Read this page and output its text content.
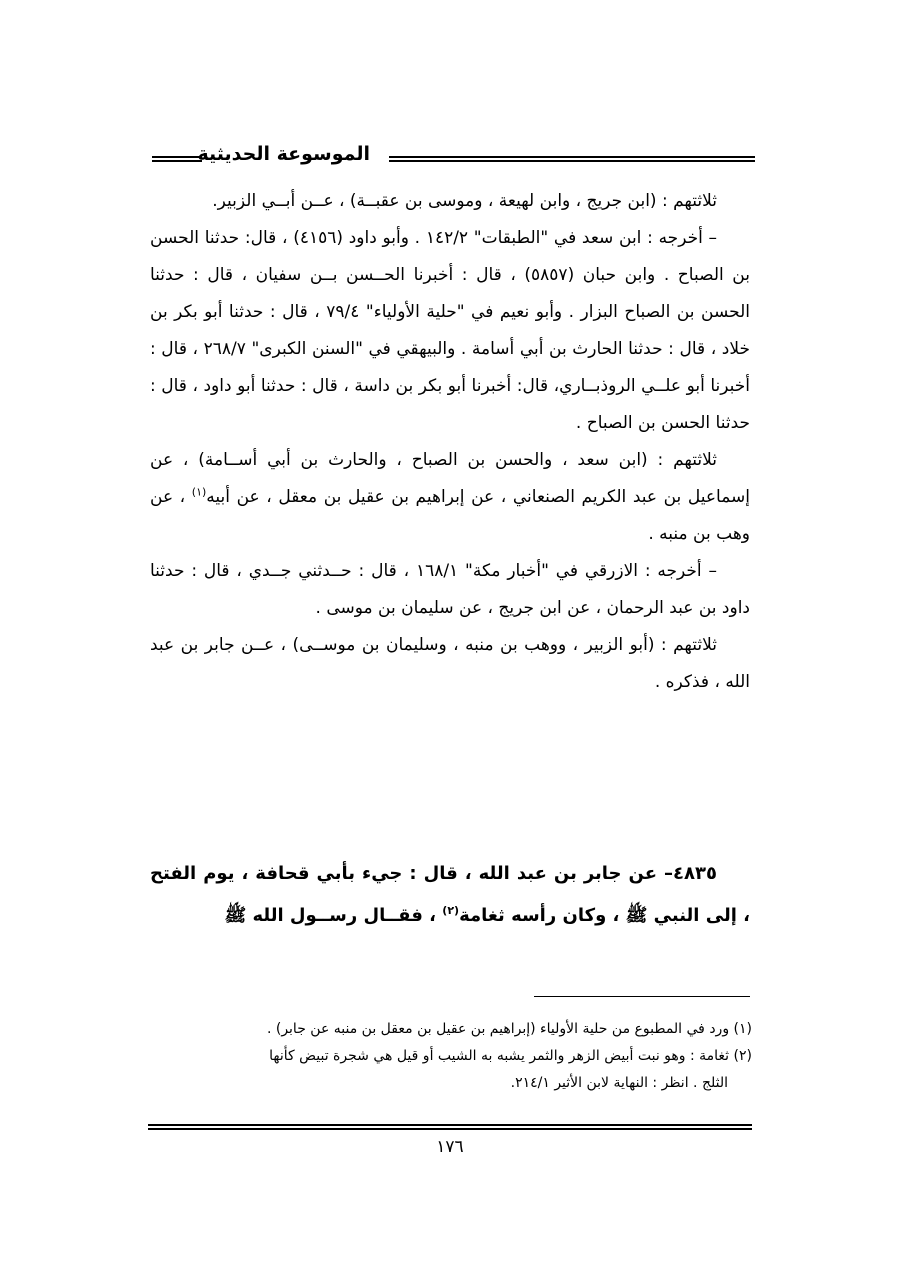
الموسوعة الحديثية

ثلاثتهم : (ابن جريج ، وابن لهيعة ، وموسى بن عقبــة) ، عــن أبــي الزبير.

– أخرجه : ابن سعد في "الطبقات" ١٤٢/٢ . وأبو داود (٤١٥٦) ، قال: حدثنا الحسن بن الصباح . وابن حبان (٥٨٥٧) ، قال : أخبرنا الحــسن بــن سفيان ، قال : حدثنا الحسن بن الصباح البزار . وأبو نعيم في "حلية الأولياء" ٧٩/٤ ، قال : حدثنا أبو بكر بن خلاد ، قال : حدثنا الحارث بن أبي أسامة . والبيهقي في "السنن الكبرى" ٢٦٨/٧ ، قال : أخبرنا أبو علــي الروذبــاري، قال: أخبرنا أبو بكر بن داسة ، قال : حدثنا أبو داود ، قال : حدثنا الحسن بن الصباح .

ثلاثتهم : (ابن سعد ، والحسن بن الصباح ، والحارث بن أبي أســامة) ، عن إسماعيل بن عبد الكريم الصنعاني ، عن إبراهيم بن عقيل بن معقل ، عن أبيه$^{(١)}$ ، عن وهب بن منبه .

– أخرجه : الازرقي في "أخبار مكة" ١٦٨/١ ، قال : حــدثني جــدي ، قال : حدثنا داود بن عبد الرحمان ، عن ابن جريج ، عن سليمان بن موسى .

ثلاثتهم : (أبو الزبير ، ووهب بن منبه ، وسليمان بن موســى) ، عــن جابر بن عبد الله ، فذكره .

٤٨٣٥– عن جابر بن عبد الله ، قال : جيء بأبي قحافة ، يوم الفتح ، إلى النبي ﷺ ، وكان رأسه ثغامة$^{(٢)}$ ، فقــال رســول الله ﷺ

(١) ورد في المطبوع من حلية الأولياء (إبراهيم بن عقيل بن معقل بن منبه عن جابر) .

(٢) ثغامة : وهو نبت أبيض الزهر والثمر يشبه به الشيب أو قيل هي شجرة تبيض كأنها

الثلج . انظر : النهاية لابن الأثير ٢١٤/١.

١٧٦
